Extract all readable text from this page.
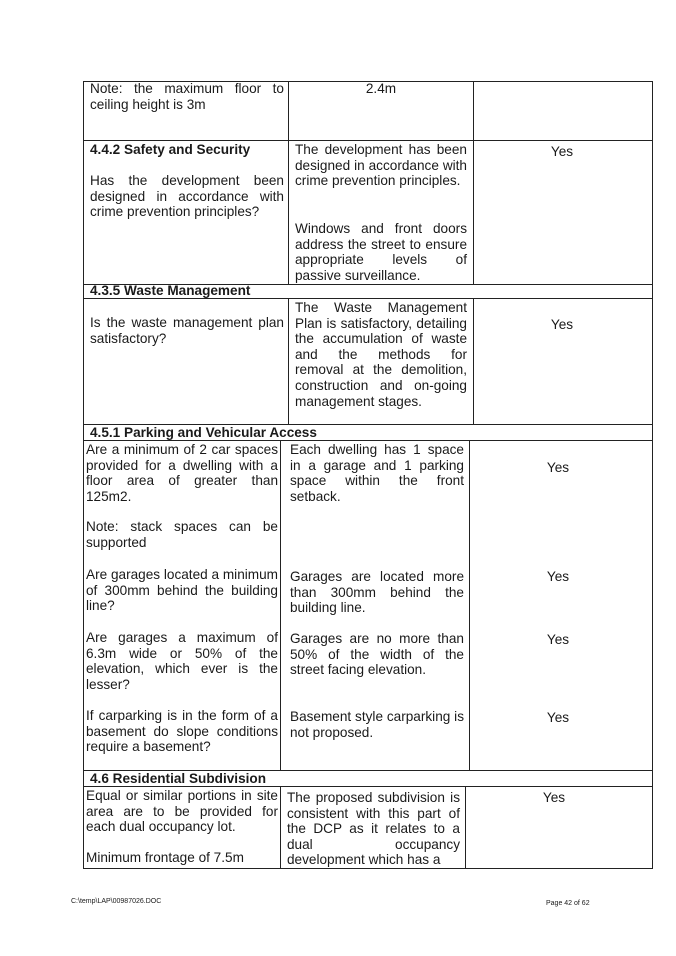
Note: the maximum floor to ceiling height is 3m

2.4m

4.4.2 Safety and Security

Has the development been designed in accordance with crime prevention principles?

The development has been designed in accordance with crime prevention principles.

Windows and front doors address the street to ensure appropriate levels of passive surveillance.

Yes

4.3.5 Waste Management

Is the waste management plan satisfactory?

The Waste Management Plan is satisfactory, detailing the accumulation of waste and the methods for removal at the demolition, construction and on-going management stages.

Yes

4.5.1 Parking and Vehicular Access

Are a minimum of 2 car spaces provided for a dwelling with a floor area of greater than 125m2.

Note: stack spaces can be supported

Each dwelling has 1 space in a garage and 1 parking space within the front setback.

Yes

Are garages located a minimum of 300mm behind the building line?

Garages are located more than 300mm behind the building line.

Yes

Are garages a maximum of 6.3m wide or 50% of the elevation, which ever is the lesser?

Garages are no more than 50% of the width of the street facing elevation.

Yes

If carparking is in the form of a basement do slope conditions require a basement?

Basement style carparking is not proposed.

Yes

4.6 Residential Subdivision

Equal or similar portions in site area are to be provided for each dual occupancy lot.

Minimum frontage of 7.5m

The proposed subdivision is consistent with this part of the DCP as it relates to a dual occupancy development which has a

Yes

C:\temp\LAP\00987026.DOC	Page 42 of 62
